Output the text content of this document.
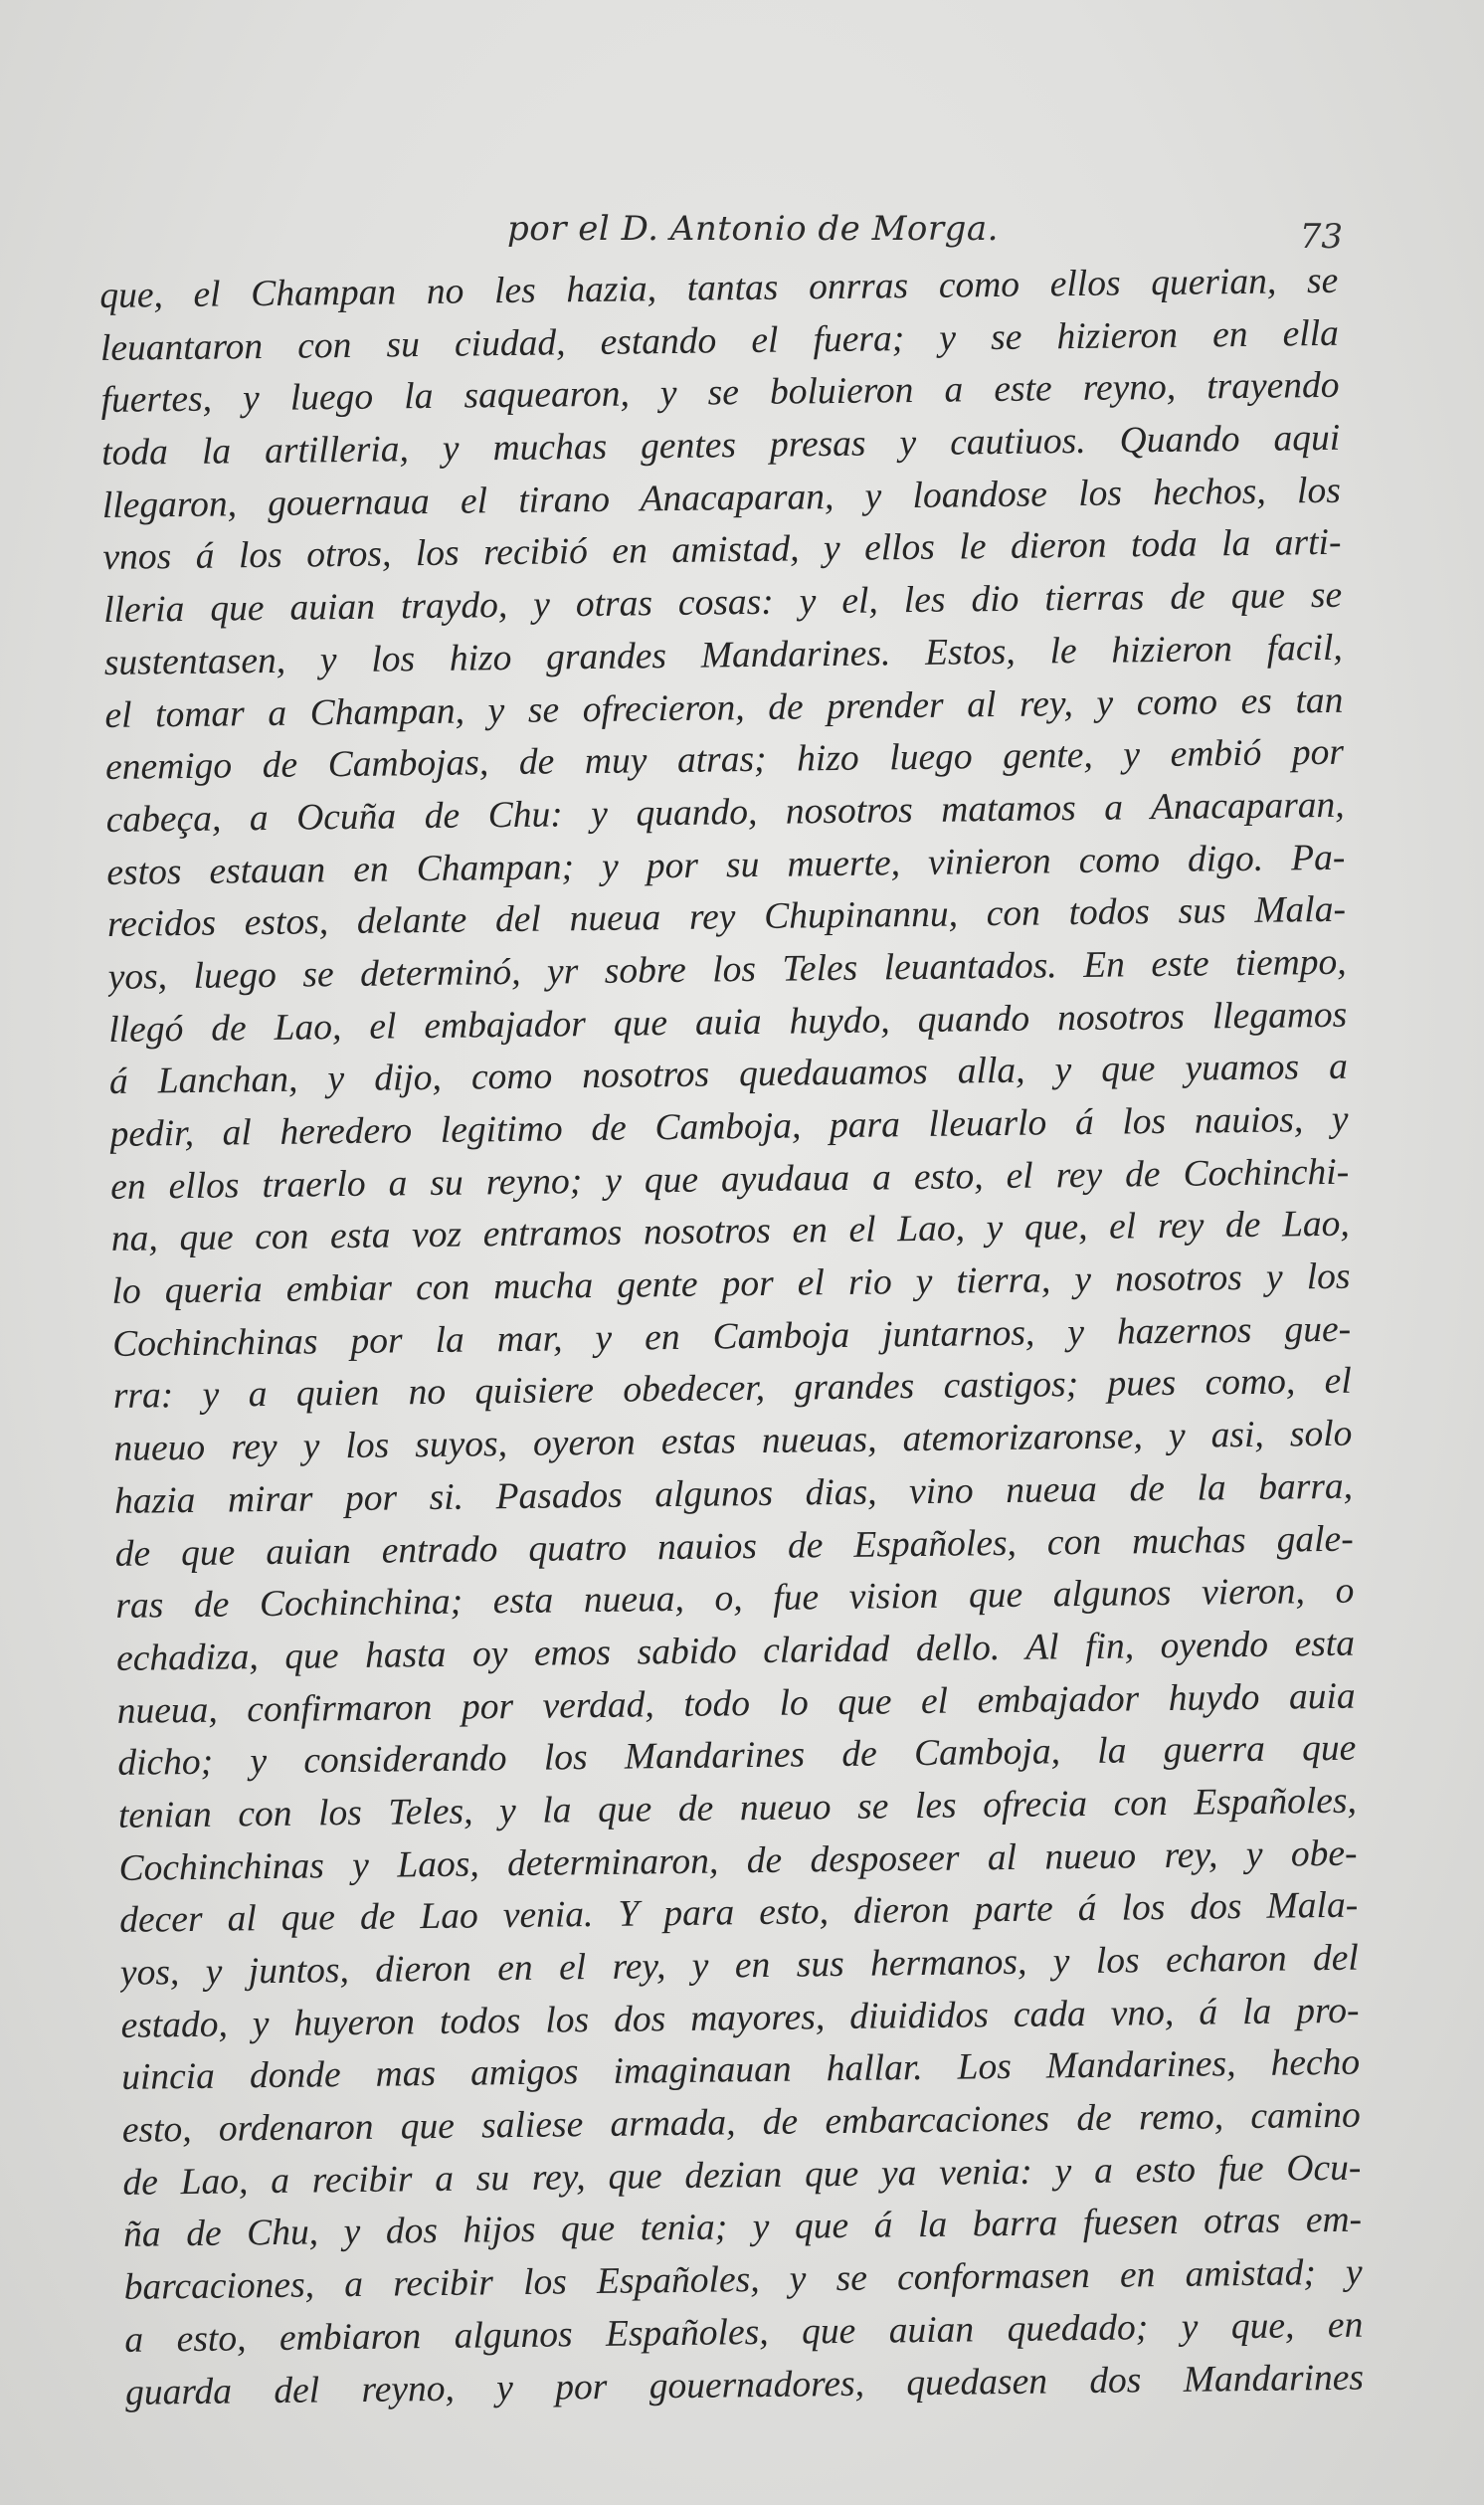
por el D. Antonio de Morga.	73
que, el Champan no les hazia, tantas onrras como ellos querian, se
leuantaron con su ciudad, estando el fuera; y se hizieron en ella
fuertes, y luego la saquearon, y se boluieron a este reyno, trayendo
toda la artilleria, y muchas gentes presas y cautiuos. Quando aqui
llegaron, gouernaua el tirano Anacaparan, y loandose los hechos, los
vnos á los otros, los recibió en amistad, y ellos le dieron toda la arti-
lleria que auian traydo, y otras cosas: y el, les dio tierras de que se
sustentasen, y los hizo grandes Mandarines. Estos, le hizieron facil,
el tomar a Champan, y se ofrecieron, de prender al rey, y como es tan
enemigo de Cambojas, de muy atras; hizo luego gente, y embió por
cabeça, a Ocuña de Chu: y quando, nosotros matamos a Anacaparan,
estos estauan en Champan; y por su muerte, vinieron como digo. Pa-
recidos estos, delante del nueua rey Chupinannu, con todos sus Mala-
yos, luego se determinó, yr sobre los Teles leuantados. En este tiempo,
llegó de Lao, el embajador que auia huydo, quando nosotros llegamos
á Lanchan, y dijo, como nosotros quedauamos alla, y que yuamos a
pedir, al heredero legitimo de Camboja, para lleuarlo á los nauios, y
en ellos traerlo a su reyno; y que ayudaua a esto, el rey de Cochinchi-
na, que con esta voz entramos nosotros en el Lao, y que, el rey de Lao,
lo queria embiar con mucha gente por el rio y tierra, y nosotros y los
Cochinchinas por la mar, y en Camboja juntarnos, y hazernos gue-
rra: y a quien no quisiere obedecer, grandes castigos; pues como, el
nueuo rey y los suyos, oyeron estas nueuas, atemorizaronse, y asi, solo
hazia mirar por si. Pasados algunos dias, vino nueua de la barra,
de que auian entrado quatro nauios de Españoles, con muchas gale-
ras de Cochinchina; esta nueua, o, fue vision que algunos vieron, o
echadiza, que hasta oy emos sabido claridad dello. Al fin, oyendo esta
nueua, confirmaron por verdad, todo lo que el embajador huydo auia
dicho; y considerando los Mandarines de Camboja, la guerra que
tenian con los Teles, y la que de nueuo se les ofrecia con Españoles,
Cochinchinas y Laos, determinaron, de desposeer al nueuo rey, y obe-
decer al que de Lao venia. Y para esto, dieron parte á los dos Mala-
yos, y juntos, dieron en el rey, y en sus hermanos, y los echaron del
estado, y huyeron todos los dos mayores, diuididos cada vno, á la pro-
uincia donde mas amigos imaginauan hallar. Los Mandarines, hecho
esto, ordenaron que saliese armada, de embarcaciones de remo, camino
de Lao, a recibir a su rey, que dezian que ya venia: y a esto fue Ocu-
ña de Chu, y dos hijos que tenia; y que á la barra fuesen otras em-
barcaciones, a recibir los Españoles, y se conformasen en amistad; y
a esto, embiaron algunos Españoles, que auian quedado; y que, en
guarda del reyno, y por gouernadores, quedasen dos Mandarines
